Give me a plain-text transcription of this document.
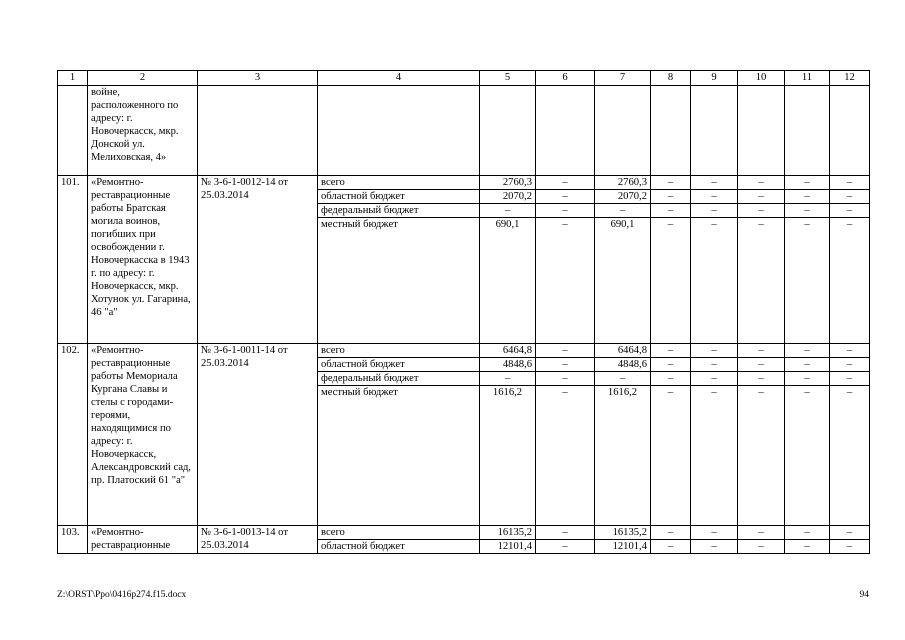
1	2	3	4	5	6	7	8	9	10	11	12
	войне, расположенного по адресу: г. Новочеркасск, мкр. Донской ул. Мелиховская, 4»										
101.	«Ремонтно-реставрационные работы Братская могила воинов, погибших при освобождении г. Новочеркасска в 1943 г. по адресу: г. Новочеркасск, мкр. Хотунок ул. Гагарина, 46 "а"	№ 3-6-1-0012-14 от 25.03.2014	всего	2760,3	–	2760,3	–	–	–	–	–
			областной бюджет	2070,2	–	2070,2	–	–	–	–	–
			федеральный бюджет	–	–	–	–	–	–	–	–
			местный бюджет	690,1	–	690,1	–	–	–	–	–
102.	«Ремонтно-реставрационные работы Мемориала Кургана Славы и стелы с городами-героями, находящимися по адресу: г. Новочеркасск, Александровский сад, пр. Платоский 61 "а"	№ 3-6-1-0011-14 от 25.03.2014	всего	6464,8	–	6464,8	–	–	–	–	–
			областной бюджет	4848,6	–	4848,6	–	–	–	–	–
			федеральный бюджет	–	–	–	–	–	–	–	–
			местный бюджет	1616,2	–	1616,2	–	–	–	–	–
103.	«Ремонтно-реставрационные	№ 3-6-1-0013-14 от 25.03.2014	всего	16135,2	–	16135,2	–	–	–	–	–
			областной бюджет	12101,4	–	12101,4	–	–	–	–	–
Z:\ORST\Ppo\0416p274.f15.docx	94
